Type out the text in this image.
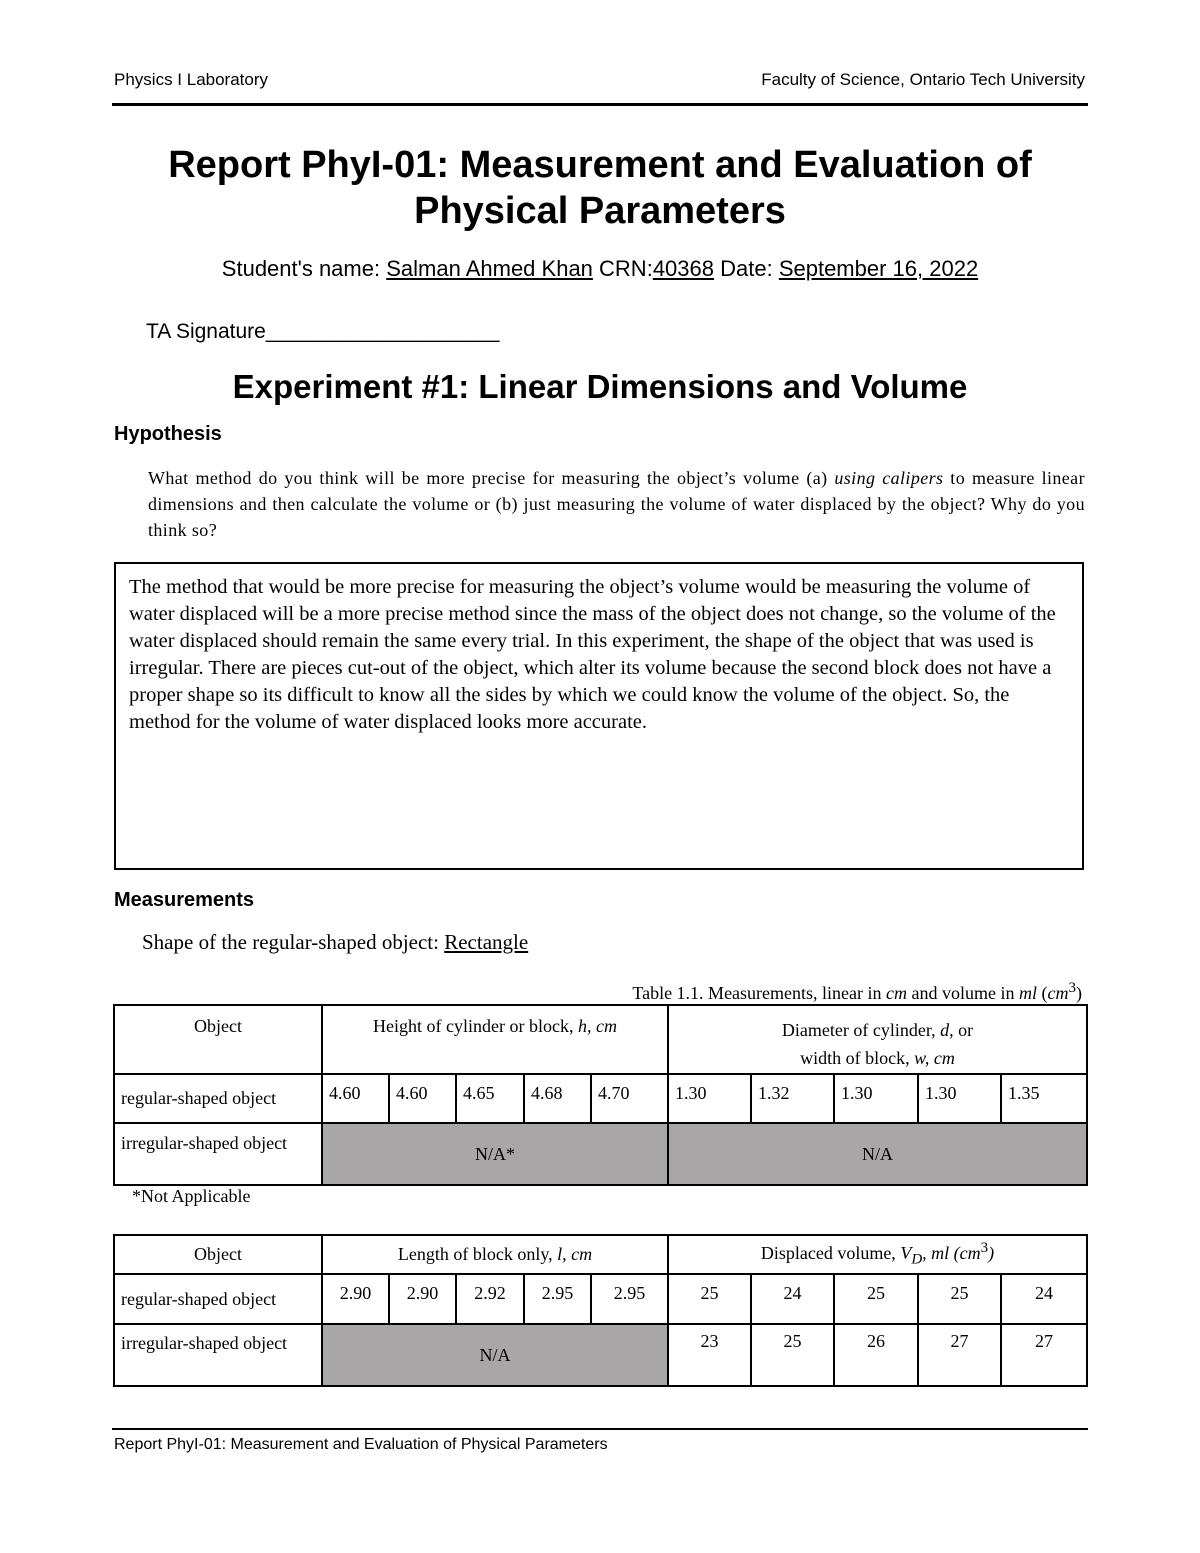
Physics I Laboratory	Faculty of Science, Ontario Tech University
Report PhyI-01: Measurement and Evaluation of
Physical Parameters
Student's name: Salman Ahmed Khan CRN:40368 Date: September 16, 2022
TA Signature____________________
Experiment #1: Linear Dimensions and Volume
Hypothesis
What method do you think will be more precise for measuring the object’s volume (a) using calipers to measure linear dimensions and then calculate the volume or (b) just measuring the volume of water displaced by the object? Why do you think so?
The method that would be more precise for measuring the object’s volume would be measuring the volume of water displaced will be a more precise method since the mass of the object does not change, so the volume of the water displaced should remain the same every trial. In this experiment, the shape of the object that was used is irregular. There are pieces cut-out of the object, which alter its volume because the second block does not have a proper shape so its difficult to know all the sides by which we could know the volume of the object. So, the method for the volume of water displaced looks more accurate.
Measurements
Shape of the regular-shaped object: Rectangle
Table 1.1. Measurements, linear in cm and volume in ml $(cm^3)$
Object	Height of cylinder or block, h, cm					Diameter of cylinder, d, or
width of block, w, cm				
regular-shaped object	4.60	4.60	4.65	4.68	4.70	1.30	1.32	1.30	1.30	1.35
irregular-shaped object	N/A*					N/A				
*Not Applicable
Object	Length of block only, l, cm					Displaced volume, $V_D$, ml $(cm^3)$				
regular-shaped object	2.90	2.90	2.92	2.95	2.95	25	24	25	25	24
irregular-shaped object	N/A					23	25	26	27	27
Report PhyI-01: Measurement and Evaluation of Physical Parameters
